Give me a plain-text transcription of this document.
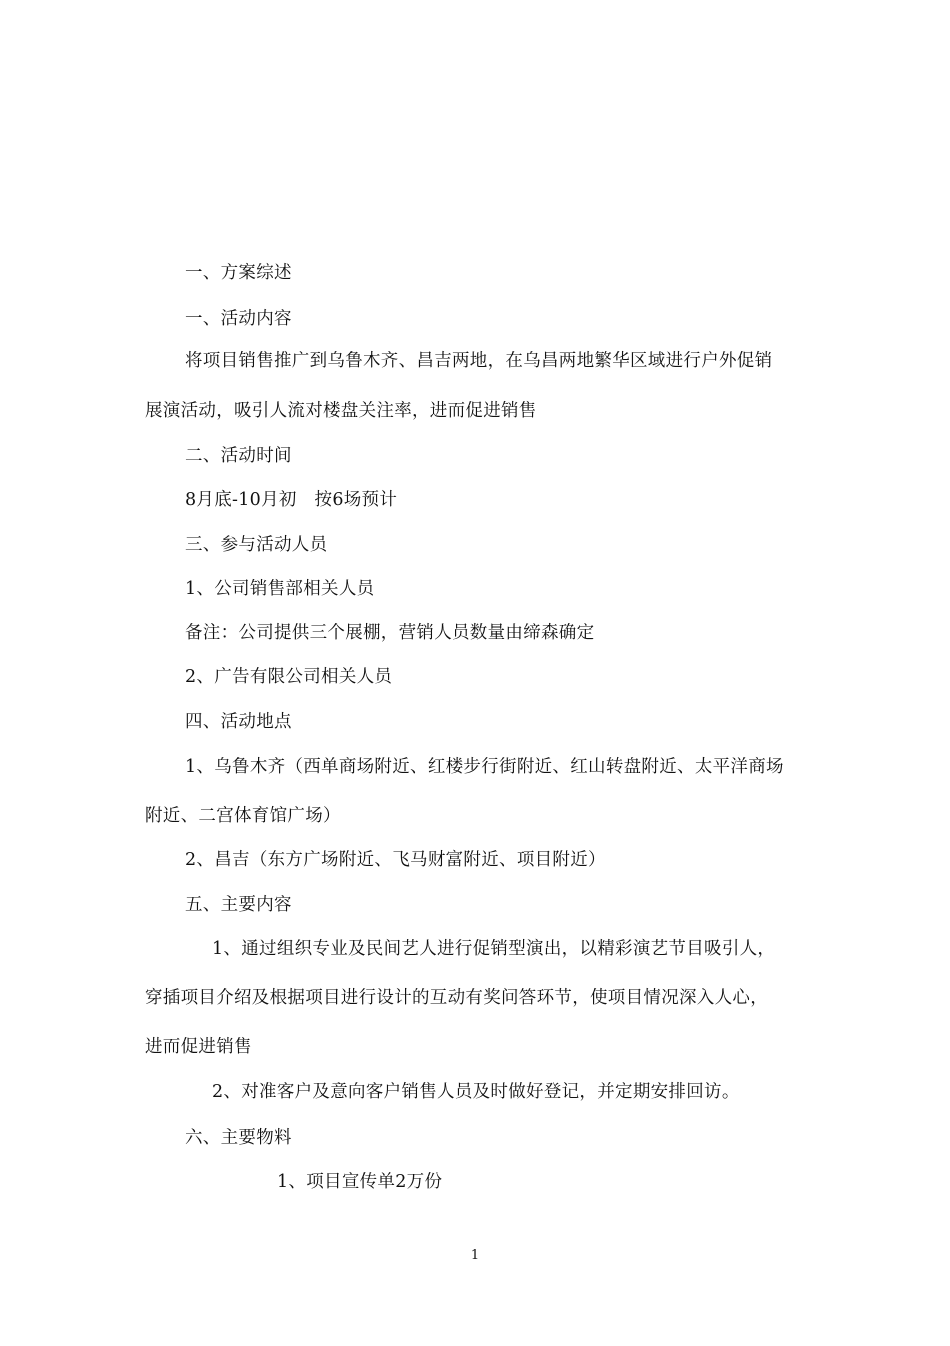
一、方案综述
一、活动内容
将项目销售推广到乌鲁木齐、昌吉两地，在乌昌两地繁华区域进行户外促销
展演活动，吸引人流对楼盘关注率，进而促进销售
二、活动时间
8月底-10月初　按6场预计
三、参与活动人员
1、公司销售部相关人员
备注：公司提供三个展棚，营销人员数量由缔森确定
2、广告有限公司相关人员
四、活动地点
1、乌鲁木齐（西单商场附近、红楼步行街附近、红山转盘附近、太平洋商场
附近、二宫体育馆广场）
2、昌吉（东方广场附近、飞马财富附近、项目附近）
五、主要内容
1、通过组织专业及民间艺人进行促销型演出，以精彩演艺节目吸引人，
穿插项目介绍及根据项目进行设计的互动有奖问答环节，使项目情况深入人心，
进而促进销售
2、对准客户及意向客户销售人员及时做好登记，并定期安排回访。
六、主要物料
1、项目宣传单2万份
1
